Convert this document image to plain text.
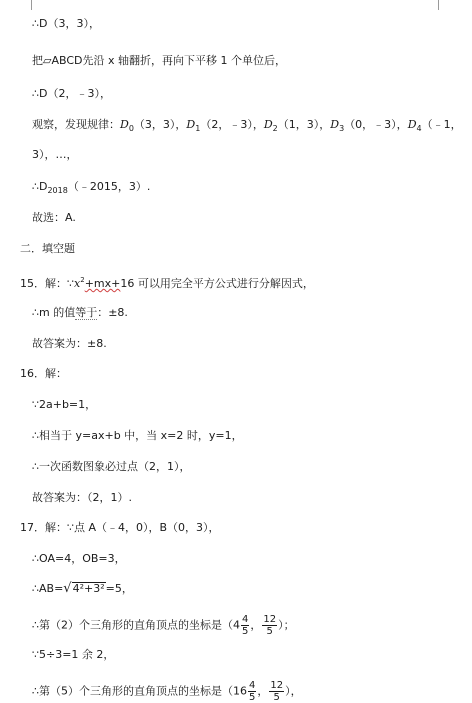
∴D（3，3），
把▱ABCD先沿 x 轴翻折，再向下平移 1 个单位后，
∴D（2，﹣3），
观察，发现规律：$D_0(3$，3），$D_1(2$，﹣3），$D_2(1$，3），$D_3(0$，﹣3），$D_4(﹣1$，
3），…，
$\therefore D_{2018}(﹣2015$，3）.
故选：A.
二．填空题
15．解：$\because x^2+mx+16$ 可以用完全平方公式进行分解因式，
∴m 的值等于：±8.
故答案为：±8.
16．解：
∵2a+b=1，
∴相当于 y=ax+b 中，当 x=2 时，y=1，
∴一次函数图象必过点（2，1），
故答案为：（2，1）.
17．解：∵点 A（﹣4，0），B（0，3），
∴OA=4，OB=3，
∴AB=√4²+3²=5，
∴第（2）个三角形的直角顶点的坐标是（$4 \frac{4}{5}$ ， $\frac{12}{5}$ ）；
∵5÷3=1 余 2，
∴第（5）个三角形的直角顶点的坐标是（$16 \frac{4}{5}$ ， $\frac{12}{5}$ ），
